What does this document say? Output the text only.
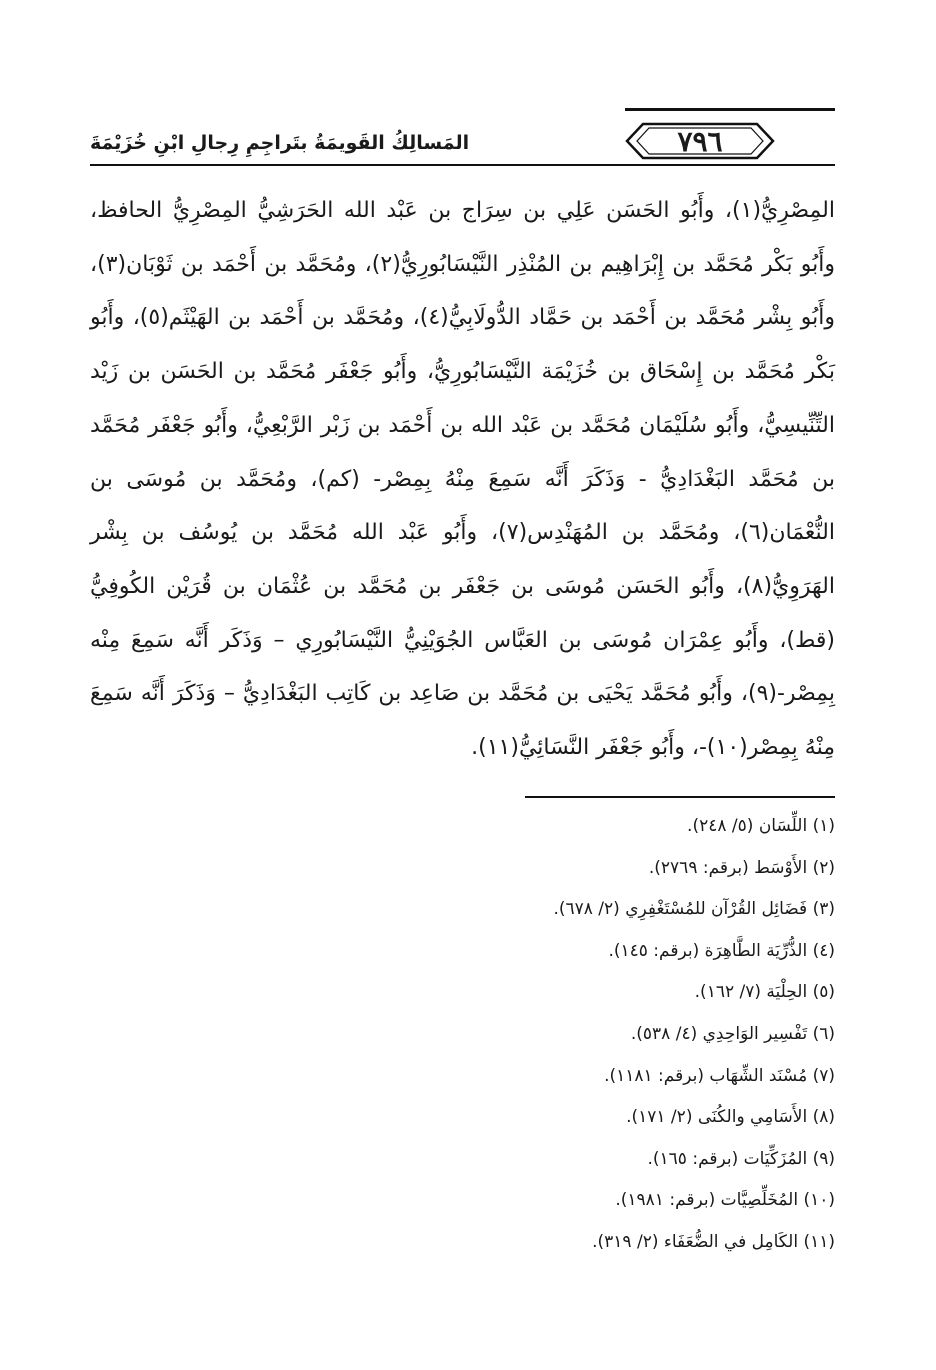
٧٩٦
المَسالِكُ القَويمَةُ بتَراجِمِ رِجالِ ابْنِ خُزَيْمَةَ
المِصْرِيُّ(١)، وأَبُو الحَسَن عَلِي بن سِرَاج بن عَبْد الله الحَرَشِيُّ المِصْرِيُّ الحافظ، وأَبُو بَكْر مُحَمَّد بن إِبْرَاهِيم بن المُنْذِر النَّيْسَابُورِيُّ(٢)، ومُحَمَّد بن أَحْمَد بن ثَوْبَان(٣)، وأَبُو بِشْر مُحَمَّد بن أَحْمَد بن حَمَّاد الدُّولَابِيُّ(٤)، ومُحَمَّد بن أَحْمَد بن الهَيْثَم(٥)، وأَبُو بَكْر مُحَمَّد بن إِسْحَاق بن خُزَيْمَة النَّيْسَابُورِيُّ، وأَبُو جَعْفَر مُحَمَّد بن الحَسَن بن زَيْد التِّنِّيسِيُّ، وأَبُو سُلَيْمَان مُحَمَّد بن عَبْد الله بن أَحْمَد بن زَبْر الرَّبْعِيُّ، وأَبُو جَعْفَر مُحَمَّد بن مُحَمَّد البَغْدَادِيُّ - وَذَكَرَ أَنَّه سَمِعَ مِنْهُ بِمِصْر- (كم)، ومُحَمَّد بن مُوسَى بن النُّعْمَان(٦)، ومُحَمَّد بن المُهَنْدِس(٧)، وأَبُو عَبْد الله مُحَمَّد بن يُوسُف بن بِشْر الهَرَوِيُّ(٨)، وأَبُو الحَسَن مُوسَى بن جَعْفَر بن مُحَمَّد بن عُثْمَان بن قُرَيْن الكُوفِيُّ (قط)، وأَبُو عِمْرَان مُوسَى بن العَبَّاس الجُوَيْنِيُّ النَّيْسَابُورِي – وَذَكَر أَنَّه سَمِعَ مِنْه بِمِصْر-(٩)، وأَبُو مُحَمَّد يَحْيَى بن مُحَمَّد بن صَاعِد بن كَاتِب البَغْدَادِيُّ – وَذَكَرَ أَنَّه سَمِعَ مِنْهُ بِمِصْر(١٠)-، وأَبُو جَعْفَر النَّسَائِيُّ(١١).
(١) اللِّسَان (٥/ ٢٤٨).
(٢) الأَوْسَط (برقم: ٢٧٦٩).
(٣) فَضَائِل القُرْآن للمُسْتَغْفِرِي (٢/ ٦٧٨).
(٤) الذُّرِّيَة الطَّاهِرَة (برقم: ١٤٥).
(٥) الحِلْيَة (٧/ ١٦٢).
(٦) تَفْسِير الوَاحِدِي (٤/ ٥٣٨).
(٧) مُسْنَد الشِّهَاب (برقم: ١١٨١).
(٨) الأَسَامِي والكُنَى (٢/ ١٧١).
(٩) المُزَكِّيَات (برقم: ١٦٥).
(١٠) المُخَلِّصِيَّات (برقم: ١٩٨١).
(١١) الكَامِل في الضُّعَفَاء (٢/ ٣١٩).
